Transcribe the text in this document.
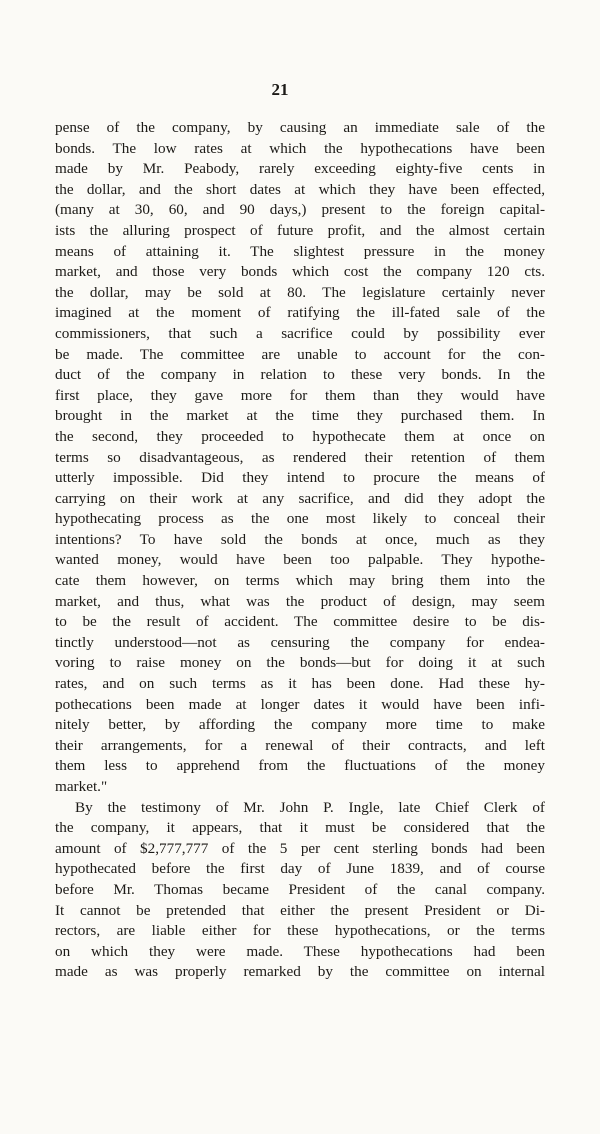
21
pense of the company, by causing an immediate sale of the
bonds. The low rates at which the hypothecations have been
made by Mr. Peabody, rarely exceeding eighty-five cents in
the dollar, and the short dates at which they have been effected,
(many at 30, 60, and 90 days,) present to the foreign capital-
ists the alluring prospect of future profit, and the almost certain
means of attaining it. The slightest pressure in the money
market, and those very bonds which cost the company 120 cts.
the dollar, may be sold at 80. The legislature certainly never
imagined at the moment of ratifying the ill-fated sale of the
commissioners, that such a sacrifice could by possibility ever
be made. The committee are unable to account for the con-
duct of the company in relation to these very bonds. In the
first place, they gave more for them than they would have
brought in the market at the time they purchased them. In
the second, they proceeded to hypothecate them at once on
terms so disadvantageous, as rendered their retention of them
utterly impossible. Did they intend to procure the means of
carrying on their work at any sacrifice, and did they adopt the
hypothecating process as the one most likely to conceal their
intentions? To have sold the bonds at once, much as they
wanted money, would have been too palpable. They hypothe-
cate them however, on terms which may bring them into the
market, and thus, what was the product of design, may seem
to be the result of accident. The committee desire to be dis-
tinctly understood—not as censuring the company for endea-
voring to raise money on the bonds—but for doing it at such
rates, and on such terms as it has been done. Had these hy-
pothecations been made at longer dates it would have been infi-
nitely better, by affording the company more time to make
their arrangements, for a renewal of their contracts, and left
them less to apprehend from the fluctuations of the money
market."
By the testimony of Mr. John P. Ingle, late Chief Clerk of
the company, it appears, that it must be considered that the
amount of $2,777,777 of the 5 per cent sterling bonds had been
hypothecated before the first day of June 1839, and of course
before Mr. Thomas became President of the canal company.
It cannot be pretended that either the present President or Di-
rectors, are liable either for these hypothecations, or the terms
on which they were made. These hypothecations had been
made as was properly remarked by the committee on internal
